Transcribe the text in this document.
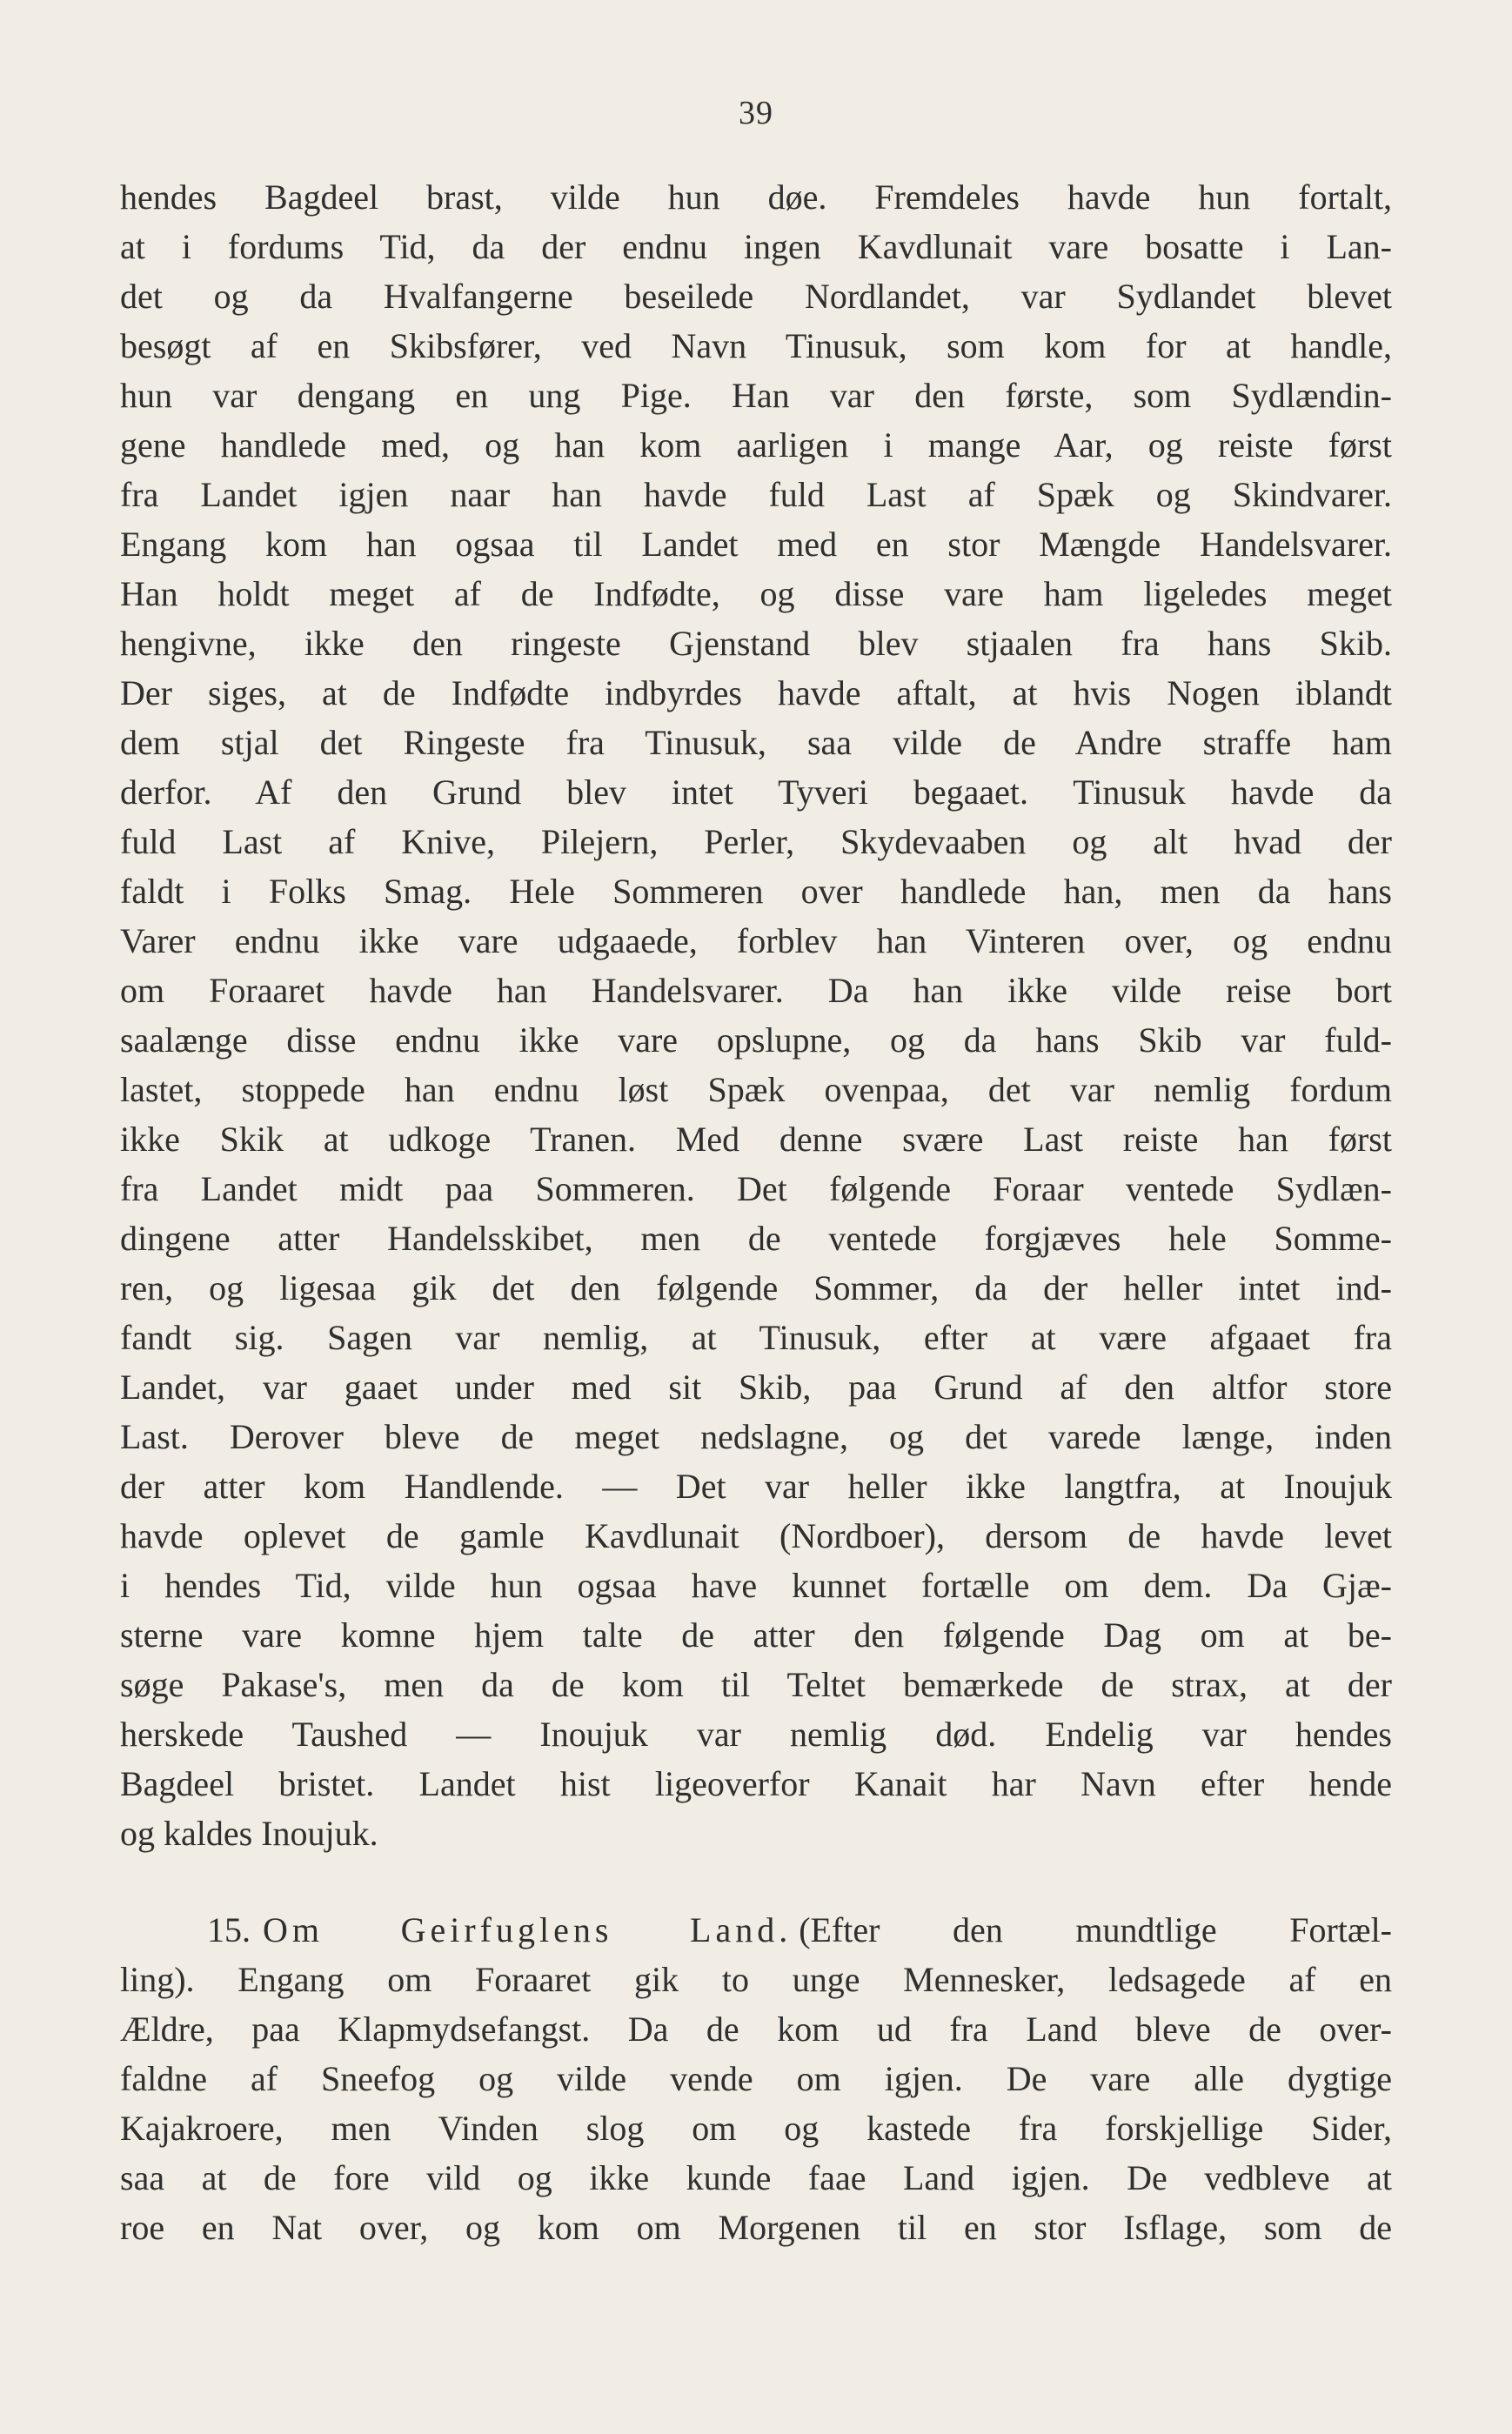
39
hendes Bagdeel brast, vilde hun døe. Fremdeles havde hun fortalt,
at i fordums Tid, da der endnu ingen Kavdlunait vare bosatte i Lan-
det og da Hvalfangerne beseilede Nordlandet, var Sydlandet blevet
besøgt af en Skibsfører, ved Navn Tinusuk, som kom for at handle,
hun var dengang en ung Pige. Han var den første, som Sydlændin-
gene handlede med, og han kom aarligen i mange Aar, og reiste først
fra Landet igjen naar han havde fuld Last af Spæk og Skindvarer.
Engang kom han ogsaa til Landet med en stor Mængde Handelsvarer.
Han holdt meget af de Indfødte, og disse vare ham ligeledes meget
hengivne, ikke den ringeste Gjenstand blev stjaalen fra hans Skib.
Der siges, at de Indfødte indbyrdes havde aftalt, at hvis Nogen iblandt
dem stjal det Ringeste fra Tinusuk, saa vilde de Andre straffe ham
derfor. Af den Grund blev intet Tyveri begaaet. Tinusuk havde da
fuld Last af Knive, Pilejern, Perler, Skydevaaben og alt hvad der
faldt i Folks Smag. Hele Sommeren over handlede han, men da hans
Varer endnu ikke vare udgaaede, forblev han Vinteren over, og endnu
om Foraaret havde han Handelsvarer. Da han ikke vilde reise bort
saalænge disse endnu ikke vare opslupne, og da hans Skib var fuld-
lastet, stoppede han endnu løst Spæk ovenpaa, det var nemlig fordum
ikke Skik at udkoge Tranen. Med denne svære Last reiste han først
fra Landet midt paa Sommeren. Det følgende Foraar ventede Sydlæn-
dingene atter Handelsskibet, men de ventede forgjæves hele Somme-
ren, og ligesaa gik det den følgende Sommer, da der heller intet ind-
fandt sig. Sagen var nemlig, at Tinusuk, efter at være afgaaet fra
Landet, var gaaet under med sit Skib, paa Grund af den altfor store
Last. Derover bleve de meget nedslagne, og det varede længe, inden
der atter kom Handlende. — Det var heller ikke langtfra, at Inoujuk
havde oplevet de gamle Kavdlunait (Nordboer), dersom de havde levet
i hendes Tid, vilde hun ogsaa have kunnet fortælle om dem. Da Gjæ-
sterne vare komne hjem talte de atter den følgende Dag om at be-
søge Pakase's, men da de kom til Teltet bemærkede de strax, at der
herskede Taushed — Inoujuk var nemlig død. Endelig var hendes
Bagdeel bristet. Landet hist ligeoverfor Kanait har Navn efter hende
og kaldes Inoujuk.
15. Om Geirfuglens Land. (Efter den mundtlige Fortæl-
ling). Engang om Foraaret gik to unge Mennesker, ledsagede af en
Ældre, paa Klapmydsefangst. Da de kom ud fra Land bleve de over-
faldne af Sneefog og vilde vende om igjen. De vare alle dygtige
Kajakroere, men Vinden slog om og kastede fra forskjellige Sider,
saa at de fore vild og ikke kunde faae Land igjen. De vedbleve at
roe en Nat over, og kom om Morgenen til en stor Isflage, som de
